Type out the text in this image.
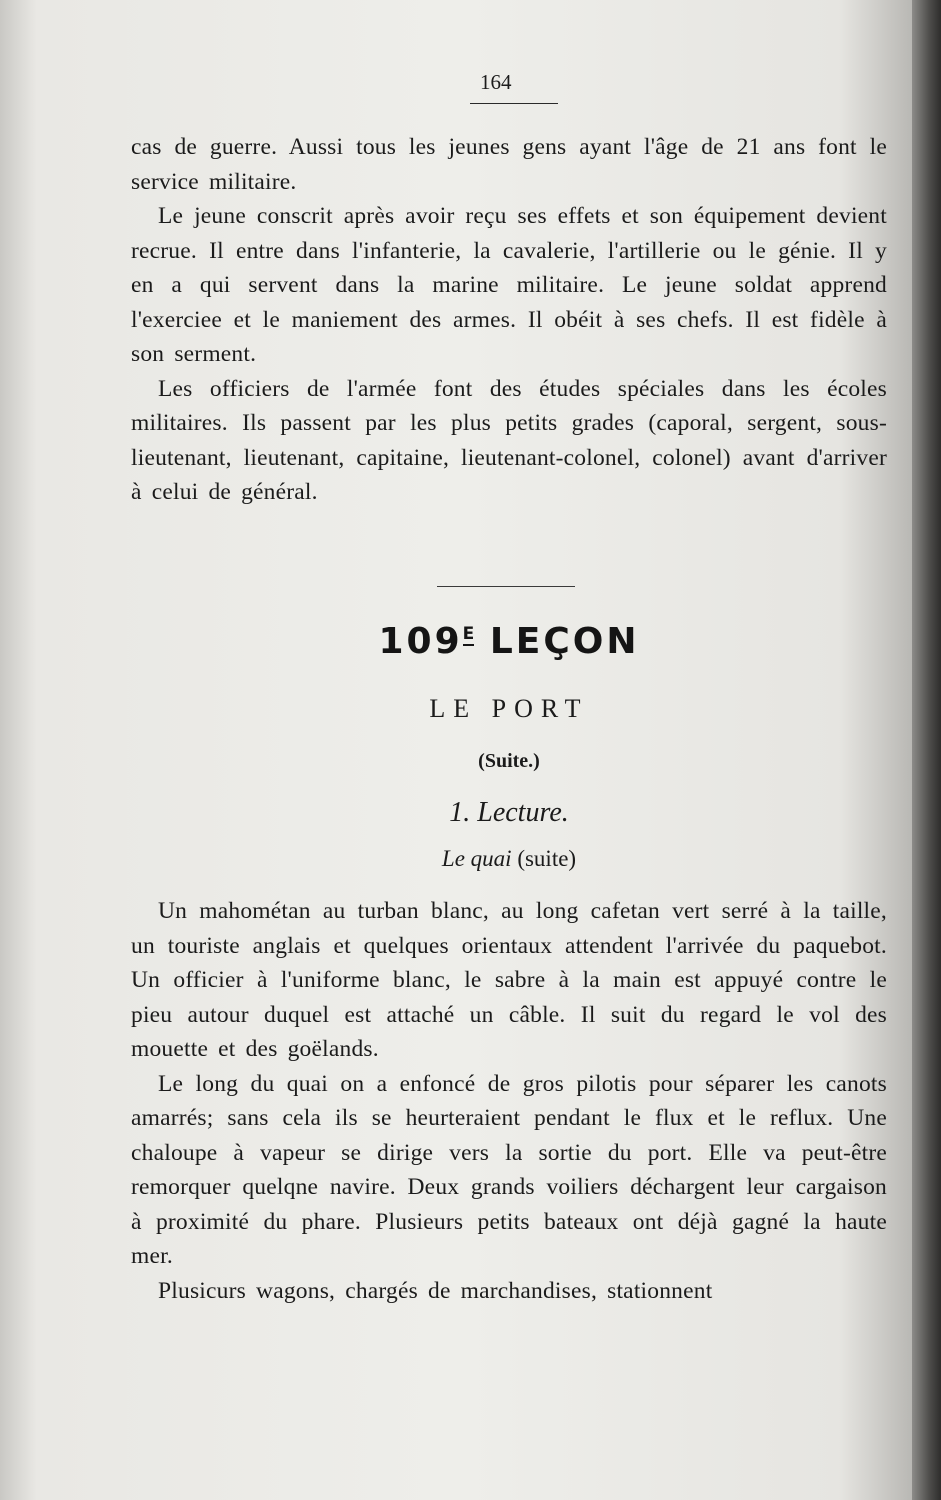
164

cas de guerre. Aussi tous les jeunes gens ayant l'âge de 21 ans font le service militaire.

Le jeune conscrit après avoir reçu ses effets et son équipement devient recrue. Il entre dans l'infanterie, la cavalerie, l'artillerie ou le génie. Il y en a qui servent dans la marine militaire. Le jeune soldat apprend l'exerciee et le maniement des armes. Il obéit à ses chefs. Il est fidèle à son serment.

Les officiers de l'armée font des études spéciales dans les écoles militaires. Ils passent par les plus petits grades (caporal, sergent, sous-lieutenant, lieutenant, capitaine, lieutenant-colonel, colonel) avant d'arriver à celui de général.

$109^E$ LEÇON
LE PORT
(Suite.)
1. Lecture.
Le quai (suite)

Un mahométan au turban blanc, au long cafetan vert serré à la taille, un touriste anglais et quelques orientaux attendent l'arrivée du paquebot. Un officier à l'uniforme blanc, le sabre à la main est appuyé contre le pieu autour duquel est attaché un câble. Il suit du regard le vol des mouette et des goëlands.

Le long du quai on a enfoncé de gros pilotis pour séparer les canots amarrés; sans cela ils se heurteraient pendant le flux et le reflux. Une chaloupe à vapeur se dirige vers la sortie du port. Elle va peut-être remorquer quelqne navire. Deux grands voiliers déchargent leur cargaison à proximité du phare. Plusieurs petits bateaux ont déjà gagné la haute mer.

Plusicurs wagons, chargés de marchandises, stationnent
